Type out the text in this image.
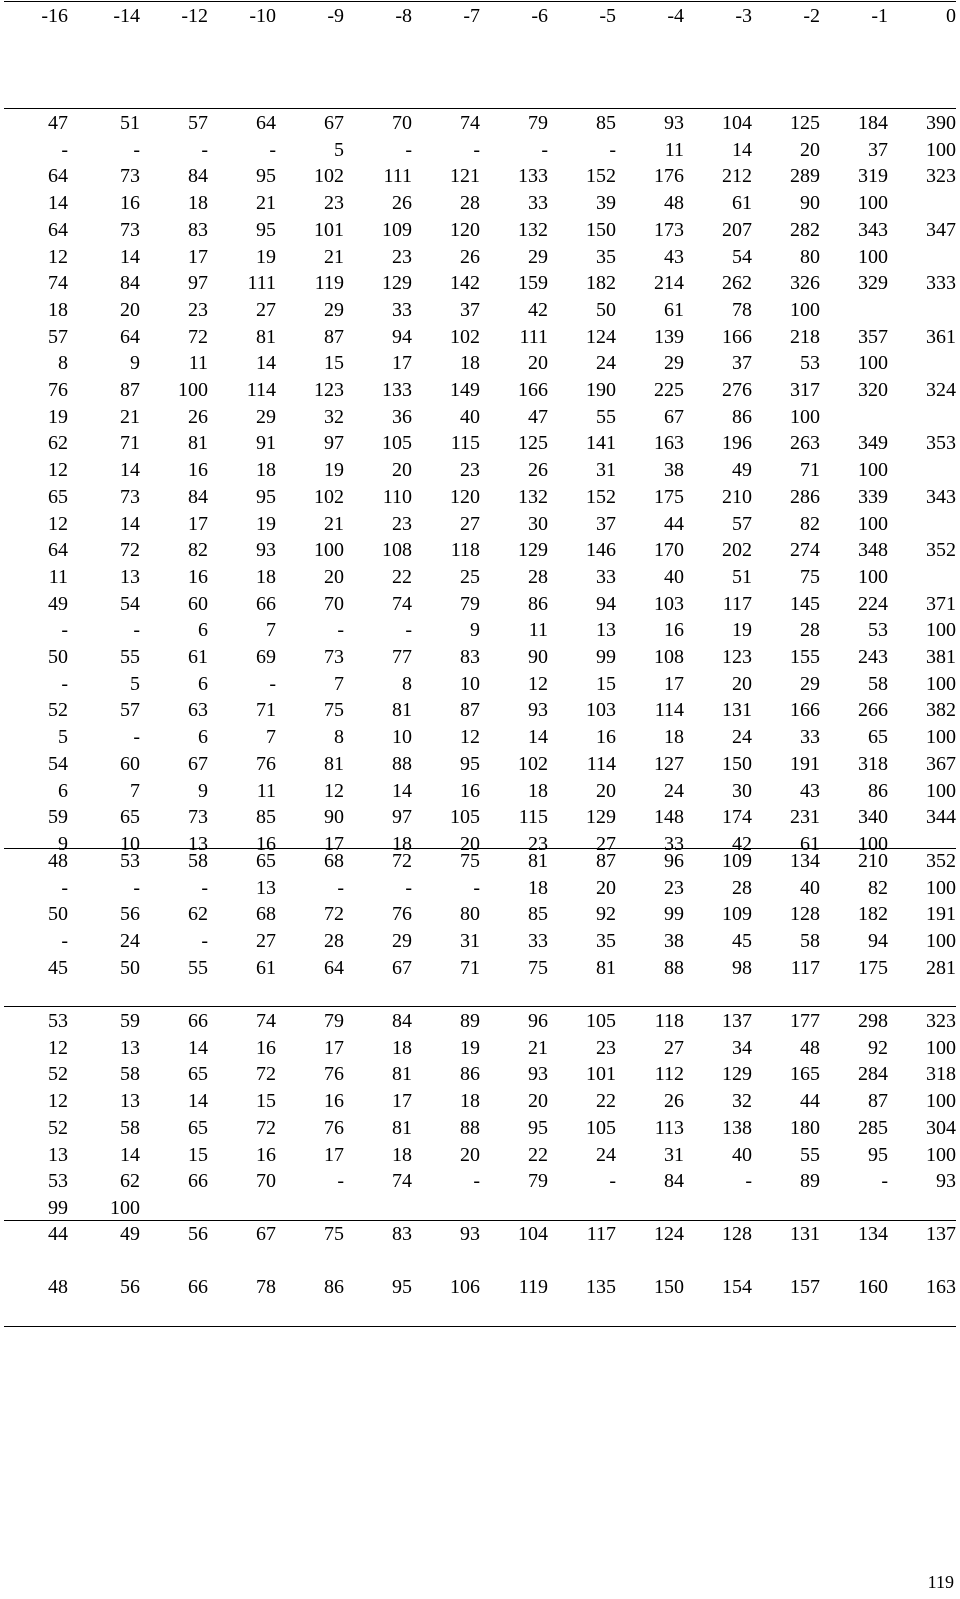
-16	-14	-12	-10	-9	-8	-7	-6	-5	-4	-3	-2	-1	0
47	51	57	64	67	70	74	79	85	93	104	125	184	390
-	-	-	-	5	-	-	-	-	11	14	20	37	100
64	73	84	95	102	111	121	133	152	176	212	289	319	323
14	16	18	21	23	26	28	33	39	48	61	90	100	
64	73	83	95	101	109	120	132	150	173	207	282	343	347
12	14	17	19	21	23	26	29	35	43	54	80	100	
74	84	97	111	119	129	142	159	182	214	262	326	329	333
18	20	23	27	29	33	37	42	50	61	78	100		
57	64	72	81	87	94	102	111	124	139	166	218	357	361
8	9	11	14	15	17	18	20	24	29	37	53	100	
76	87	100	114	123	133	149	166	190	225	276	317	320	324
19	21	26	29	32	36	40	47	55	67	86	100		
62	71	81	91	97	105	115	125	141	163	196	263	349	353
12	14	16	18	19	20	23	26	31	38	49	71	100	
65	73	84	95	102	110	120	132	152	175	210	286	339	343
12	14	17	19	21	23	27	30	37	44	57	82	100	
64	72	82	93	100	108	118	129	146	170	202	274	348	352
11	13	16	18	20	22	25	28	33	40	51	75	100	
49	54	60	66	70	74	79	86	94	103	117	145	224	371
-	-	6	7	-	-	9	11	13	16	19	28	53	100
50	55	61	69	73	77	83	90	99	108	123	155	243	381
-	5	6	-	7	8	10	12	15	17	20	29	58	100
52	57	63	71	75	81	87	93	103	114	131	166	266	382
5	-	6	7	8	10	12	14	16	18	24	33	65	100
54	60	67	76	81	88	95	102	114	127	150	191	318	367
6	7	9	11	12	14	16	18	20	24	30	43	86	100
59	65	73	85	90	97	105	115	129	148	174	231	340	344
9	10	13	16	17	18	20	23	27	33	42	61	100	
48	53	58	65	68	72	75	81	87	96	109	134	210	352
-	-	-	13	-	-	-	18	20	23	28	40	82	100
50	56	62	68	72	76	80	85	92	99	109	128	182	191
-	24	-	27	28	29	31	33	35	38	45	58	94	100
45	50	55	61	64	67	71	75	81	88	98	117	175	281
53	59	66	74	79	84	89	96	105	118	137	177	298	323
12	13	14	16	17	18	19	21	23	27	34	48	92	100
52	58	65	72	76	81	86	93	101	112	129	165	284	318
12	13	14	15	16	17	18	20	22	26	32	44	87	100
52	58	65	72	76	81	88	95	105	113	138	180	285	304
13	14	15	16	17	18	20	22	24	31	40	55	95	100
53	62	66	70	-	74	-	79	-	84	-	89	-	93
99	100												
44	49	56	67	75	83	93	104	117	124	128	131	134	137
48	56	66	78	86	95	106	119	135	150	154	157	160	163
119
